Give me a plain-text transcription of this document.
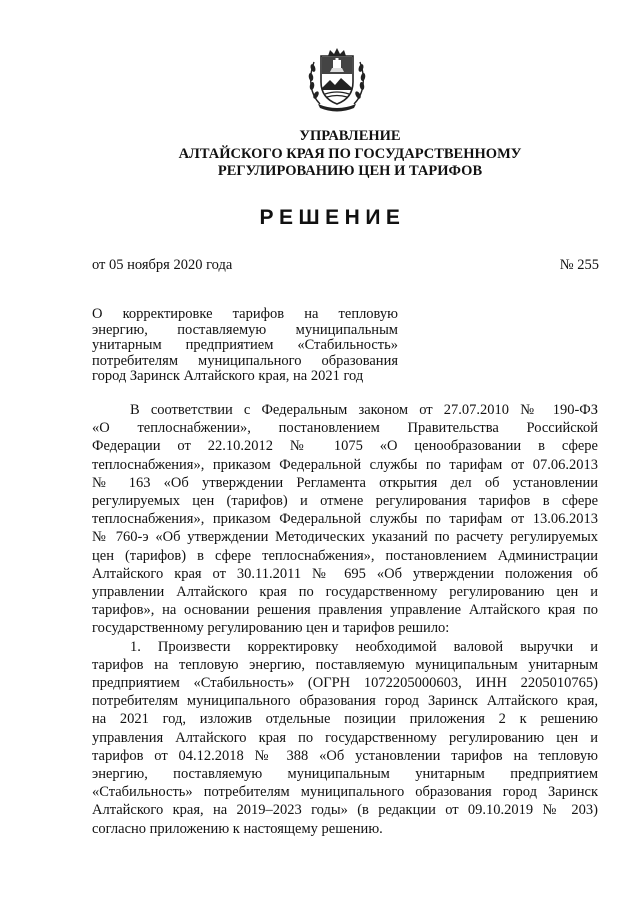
УПРАВЛЕНИЕ
АЛТАЙСКОГО КРАЯ ПО ГОСУДАРСТВЕННОМУ
РЕГУЛИРОВАНИЮ ЦЕН И ТАРИФОВ
РЕШЕНИЕ
от 05 ноября 2020 года	№ 255
О корректировке тарифов на тепловую
энергию, поставляемую муниципальным
унитарным предприятием «Стабильность»
потребителям муниципального образования
город Заринск Алтайского края, на 2021 год
В соответствии с Федеральным законом от 27.07.2010 № 190-ФЗ
«О теплоснабжении», постановлением Правительства Российской
Федерации от 22.10.2012 № 1075 «О ценообразовании в сфере
теплоснабжения», приказом Федеральной службы по тарифам от 07.06.2013
№ 163 «Об утверждении Регламента открытия дел об установлении
регулируемых цен (тарифов) и отмене регулирования тарифов в сфере
теплоснабжения», приказом Федеральной службы по тарифам от 13.06.2013
№ 760-э «Об утверждении Методических указаний по расчету регулируемых
цен (тарифов) в сфере теплоснабжения», постановлением Администрации
Алтайского края от 30.11.2011 № 695 «Об утверждении положения об
управлении Алтайского края по государственному регулированию цен и
тарифов», на основании решения правления управление Алтайского края по
государственному регулированию цен и тарифов решило:
1. Произвести корректировку необходимой валовой выручки и
тарифов на тепловую энергию, поставляемую муниципальным унитарным
предприятием «Стабильность» (ОГРН 1072205000603, ИНН 2205010765)
потребителям муниципального образования город Заринск Алтайского края,
на 2021 год, изложив отдельные позиции приложения 2 к решению
управления Алтайского края по государственному регулированию цен и
тарифов от 04.12.2018 № 388 «Об установлении тарифов на тепловую
энергию, поставляемую муниципальным унитарным предприятием
«Стабильность» потребителям муниципального образования город Заринск
Алтайского края, на 2019–2023 годы» (в редакции от 09.10.2019 № 203)
согласно приложению к настоящему решению.
